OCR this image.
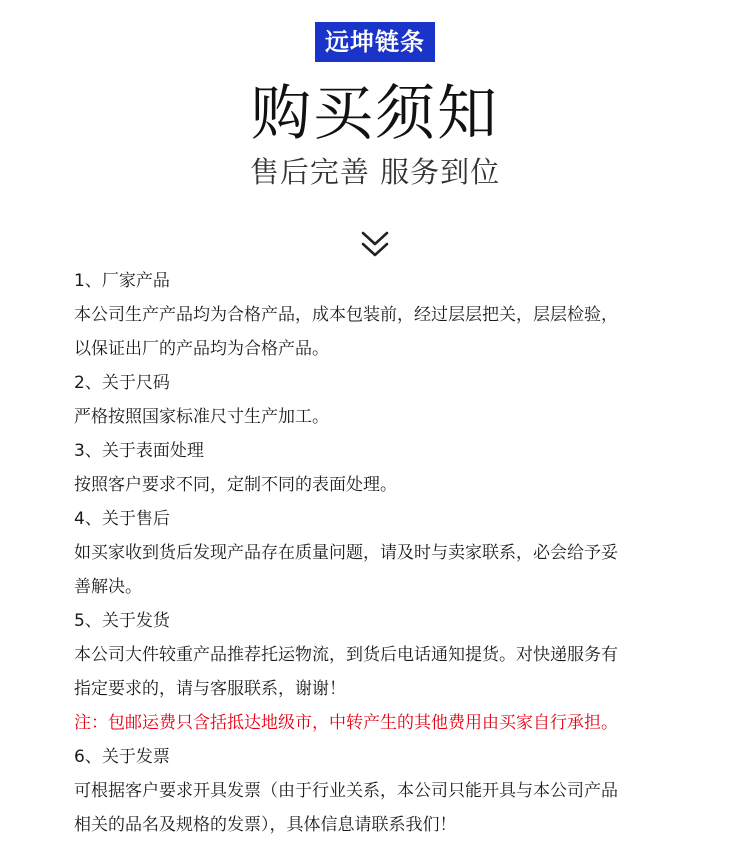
远坤链条
购买须知
售后完善 服务到位
1、厂家产品
本公司生产产品均为合格产品，成本包装前，经过层层把关，层层检验，
以保证出厂的产品均为合格产品。
2、关于尺码
严格按照国家标准尺寸生产加工。
3、关于表面处理
按照客户要求不同，定制不同的表面处理。
4、关于售后
如买家收到货后发现产品存在质量问题，请及时与卖家联系，必会给予妥
善解决。
5、关于发货
本公司大件较重产品推荐托运物流，到货后电话通知提货。对快递服务有
指定要求的，请与客服联系，谢谢！
注：包邮运费只含括抵达地级市，中转产生的其他费用由买家自行承担。
6、关于发票
可根据客户要求开具发票（由于行业关系，本公司只能开具与本公司产品
相关的品名及规格的发票），具体信息请联系我们！
